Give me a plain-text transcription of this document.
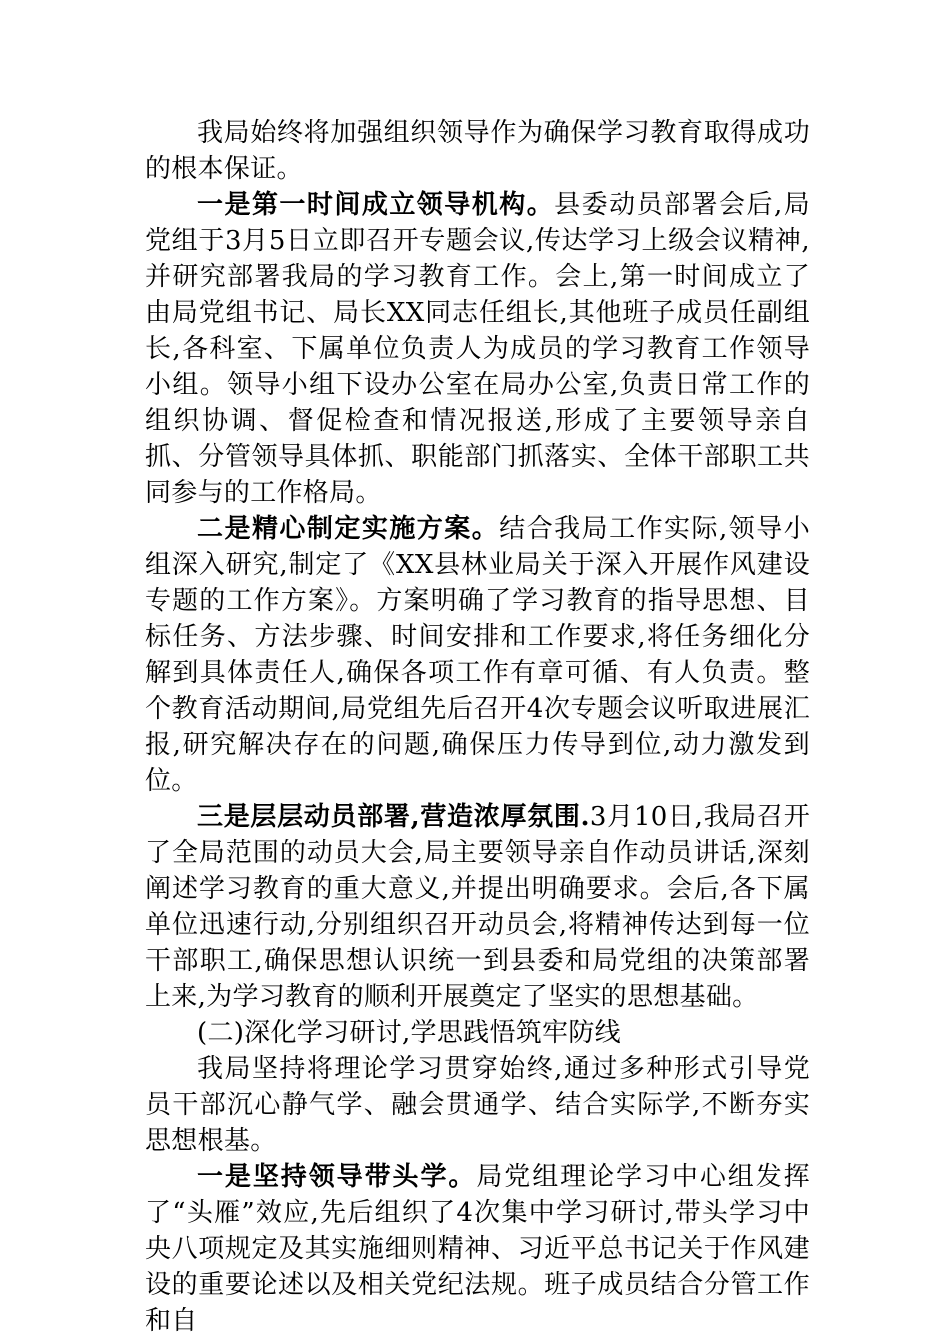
我局始终将加强组织领导作为确保学习教育取得成功的根本保证。

一是第一时间成立领导机构。县委动员部署会后,局党组于3月5日立即召开专题会议,传达学习上级会议精神,并研究部署我局的学习教育工作。会上,第一时间成立了由局党组书记、局长XX同志任组长,其他班子成员任副组长,各科室、下属单位负责人为成员的学习教育工作领导小组。领导小组下设办公室在局办公室,负责日常工作的组织协调、督促检查和情况报送,形成了主要领导亲自抓、分管领导具体抓、职能部门抓落实、全体干部职工共同参与的工作格局。

二是精心制定实施方案。结合我局工作实际,领导小组深入研究,制定了《XX县林业局关于深入开展作风建设专题的工作方案》。方案明确了学习教育的指导思想、目标任务、方法步骤、时间安排和工作要求,将任务细化分解到具体责任人,确保各项工作有章可循、有人负责。整个教育活动期间,局党组先后召开4次专题会议听取进展汇报,研究解决存在的问题,确保压力传导到位,动力激发到位。

三是层层动员部署,营造浓厚氛围.3月10日,我局召开了全局范围的动员大会,局主要领导亲自作动员讲话,深刻阐述学习教育的重大意义,并提出明确要求。会后,各下属单位迅速行动,分别组织召开动员会,将精神传达到每一位干部职工,确保思想认识统一到县委和局党组的决策部署上来,为学习教育的顺利开展奠定了坚实的思想基础。

(二)深化学习研讨,学思践悟筑牢防线

我局坚持将理论学习贯穿始终,通过多种形式引导党员干部沉心静气学、融会贯通学、结合实际学,不断夯实思想根基。

一是坚持领导带头学。局党组理论学习中心组发挥了“头雁”效应,先后组织了4次集中学习研讨,带头学习中央八项规定及其实施细则精神、习近平总书记关于作风建设的重要论述以及相关党纪法规。班子成员结合分管工作和自
